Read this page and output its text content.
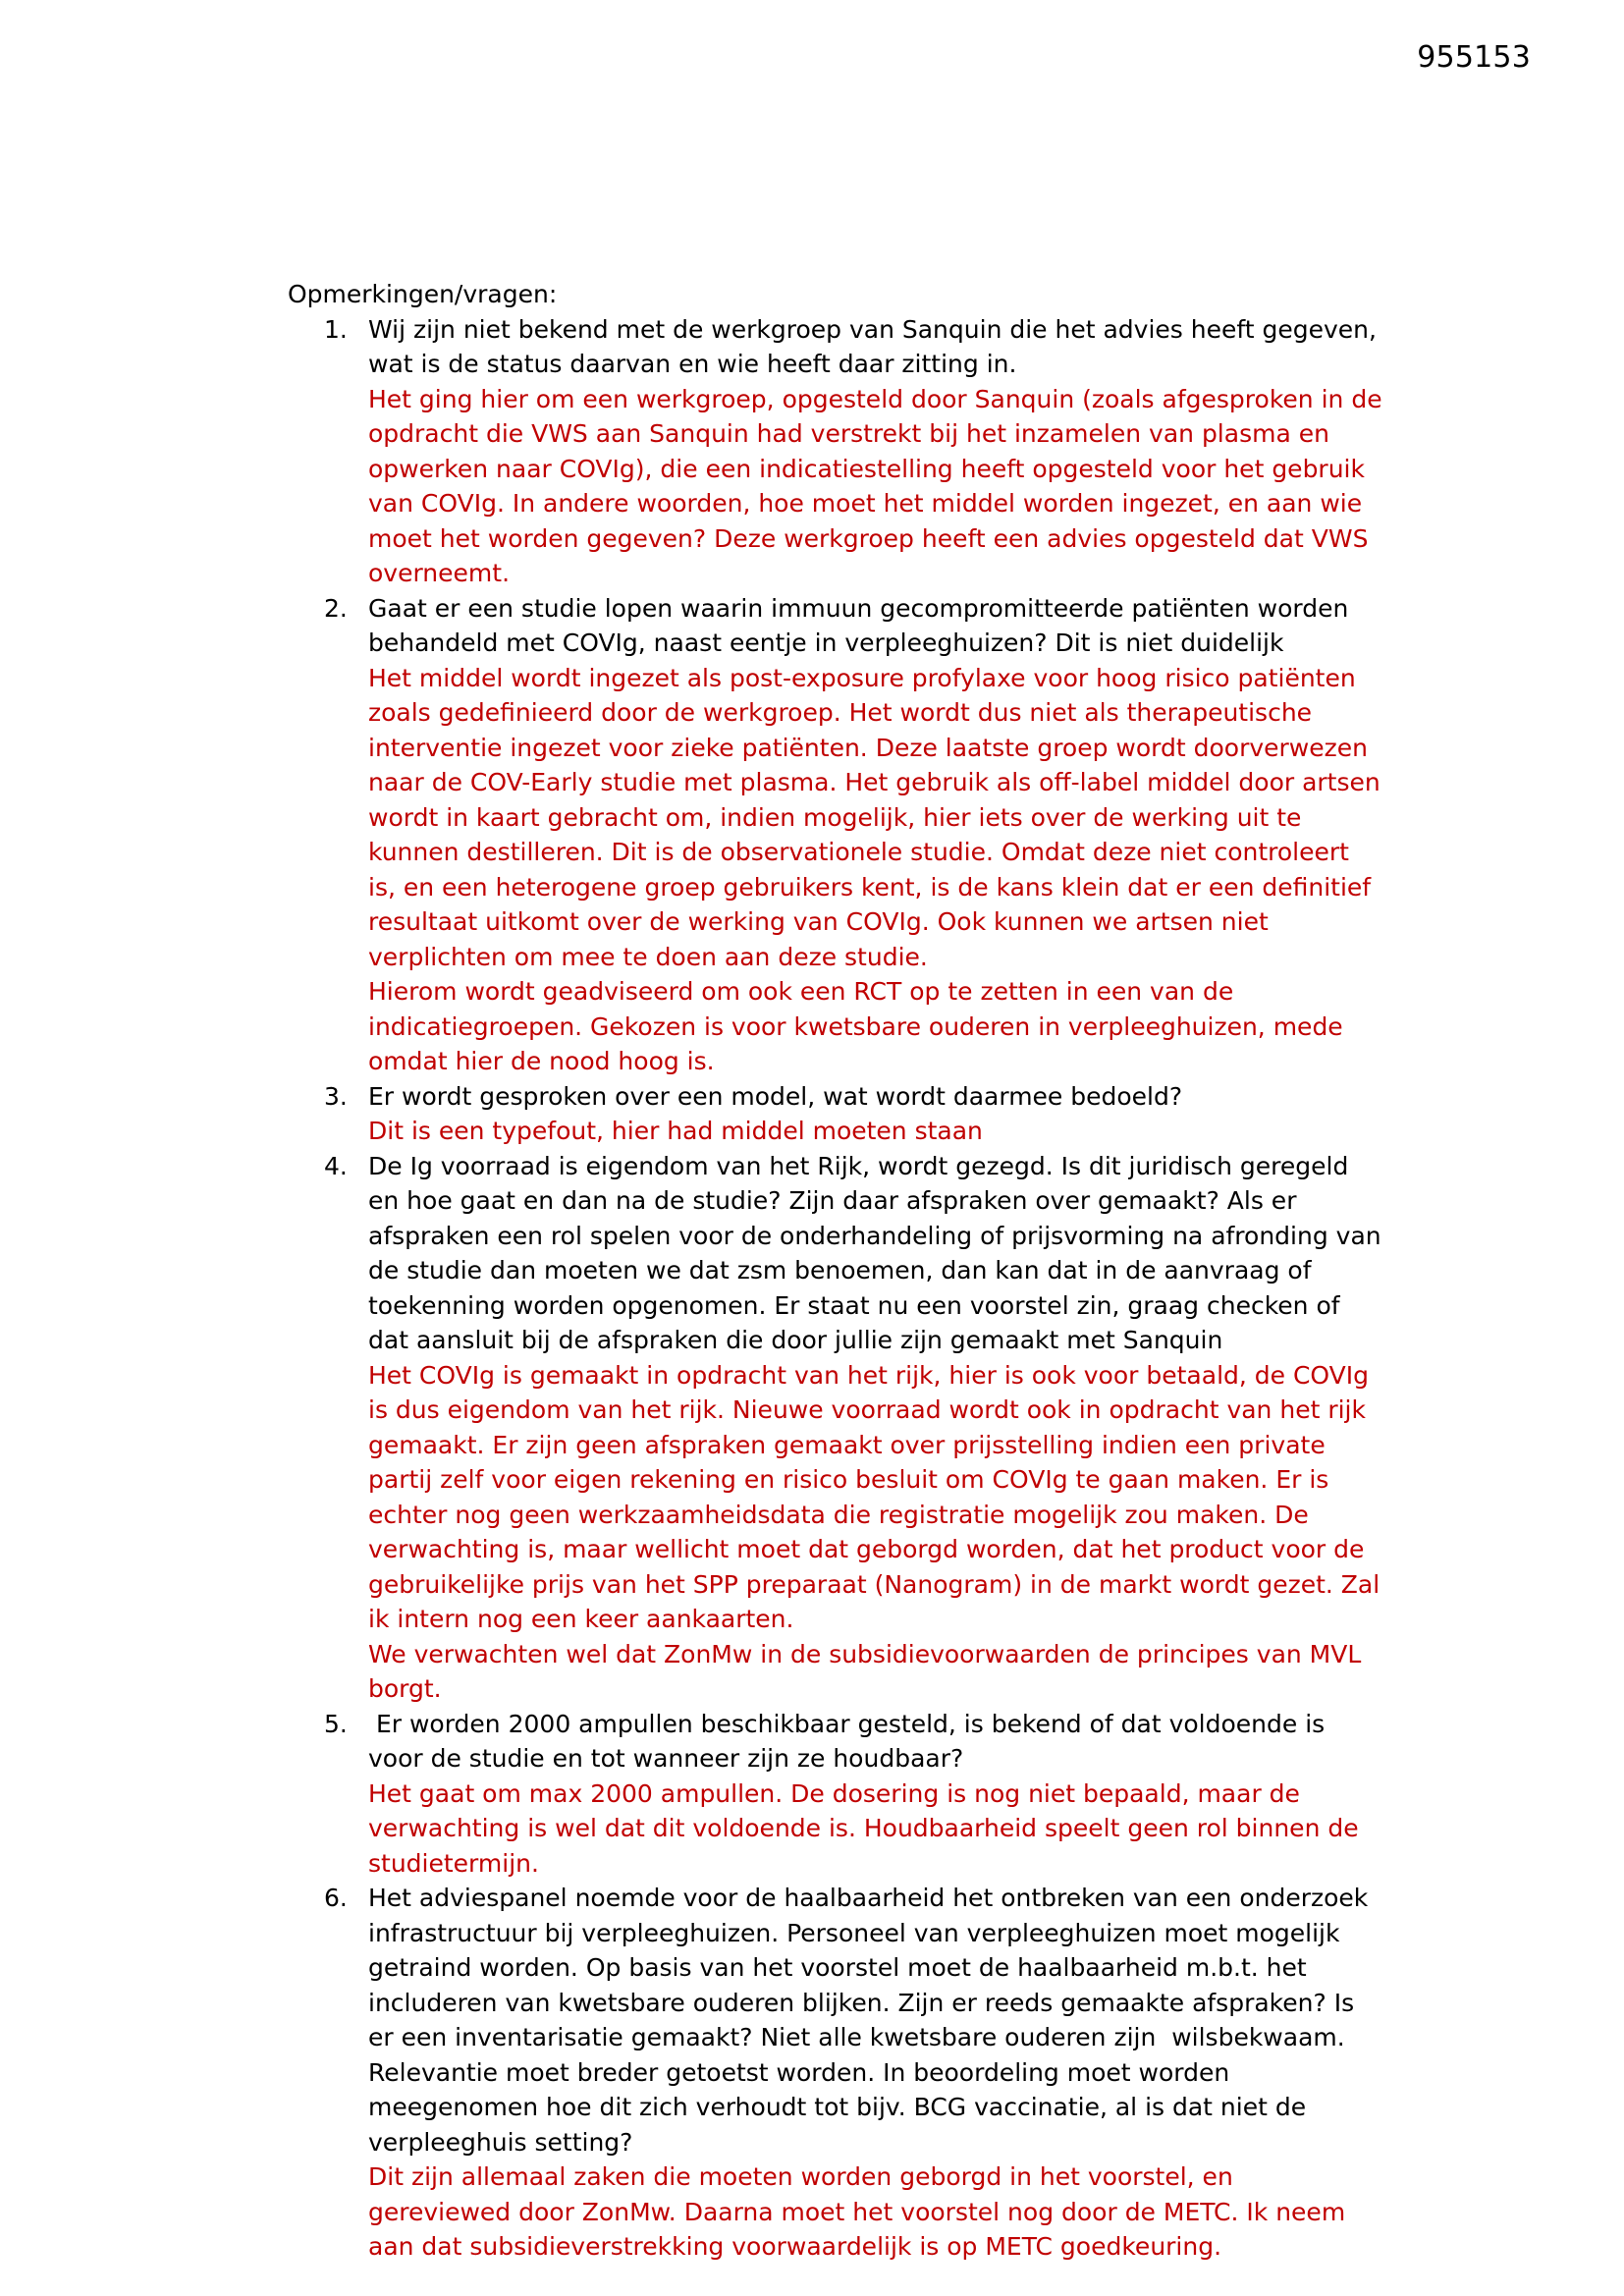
955153
Opmerkingen/vragen:
1. Wij zijn niet bekend met de werkgroep van Sanquin die het advies heeft gegeven, wat is de status daarvan en wie heeft daar zitting in.
Het ging hier om een werkgroep, opgesteld door Sanquin (zoals afgesproken in de opdracht die VWS aan Sanquin had verstrekt bij het inzamelen van plasma en opwerken naar COVIg), die een indicatiestelling heeft opgesteld voor het gebruik van COVIg. In andere woorden, hoe moet het middel worden ingezet, en aan wie moet het worden gegeven? Deze werkgroep heeft een advies opgesteld dat VWS overneemt.
2. Gaat er een studie lopen waarin immuun gecompromitteerde patiënten worden behandeld met COVIg, naast eentje in verpleeghuizen? Dit is niet duidelijk
Het middel wordt ingezet als post-exposure profylaxe voor hoog risico patiënten zoals gedefinieerd door de werkgroep. Het wordt dus niet als therapeutische interventie ingezet voor zieke patiënten. Deze laatste groep wordt doorverwezen naar de COV-Early studie met plasma. Het gebruik als off-label middel door artsen wordt in kaart gebracht om, indien mogelijk, hier iets over de werking uit te kunnen destilleren. Dit is de observationele studie. Omdat deze niet controleert is, en een heterogene groep gebruikers kent, is de kans klein dat er een definitief resultaat uitkomt over de werking van COVIg. Ook kunnen we artsen niet verplichten om mee te doen aan deze studie.
Hierom wordt geadviseerd om ook een RCT op te zetten in een van de indicatiegroepen. Gekozen is voor kwetsbare ouderen in verpleeghuizen, mede omdat hier de nood hoog is.
3. Er wordt gesproken over een model, wat wordt daarmee bedoeld?
Dit is een typefout, hier had middel moeten staan
4. De Ig voorraad is eigendom van het Rijk, wordt gezegd. Is dit juridisch geregeld en hoe gaat en dan na de studie? Zijn daar afspraken over gemaakt? Als er afspraken een rol spelen voor de onderhandeling of prijsvorming na afronding van de studie dan moeten we dat zsm benoemen, dan kan dat in de aanvraag of toekenning worden opgenomen. Er staat nu een voorstel zin, graag checken of dat aansluit bij de afspraken die door jullie zijn gemaakt met Sanquin
Het COVIg is gemaakt in opdracht van het rijk, hier is ook voor betaald, de COVIg is dus eigendom van het rijk. Nieuwe voorraad wordt ook in opdracht van het rijk gemaakt. Er zijn geen afspraken gemaakt over prijsstelling indien een private partij zelf voor eigen rekening en risico besluit om COVIg te gaan maken. Er is echter nog geen werkzaamheidsdata die registratie mogelijk zou maken. De verwachting is, maar wellicht moet dat geborgd worden, dat het product voor de gebruikelijke prijs van het SPP preparaat (Nanogram) in de markt wordt gezet. Zal ik intern nog een keer aankaarten.
We verwachten wel dat ZonMw in de subsidievoorwaarden de principes van MVL borgt.
5. Er worden 2000 ampullen beschikbaar gesteld, is bekend of dat voldoende is voor de studie en tot wanneer zijn ze houdbaar?
Het gaat om max 2000 ampullen. De dosering is nog niet bepaald, maar de verwachting is wel dat dit voldoende is. Houdbaarheid speelt geen rol binnen de studietermijn.
6. Het adviespanel noemde voor de haalbaarheid het ontbreken van een onderzoek infrastructuur bij verpleeghuizen. Personeel van verpleeghuizen moet mogelijk getraind worden. Op basis van het voorstel moet de haalbaarheid m.b.t. het includeren van kwetsbare ouderen blijken. Zijn er reeds gemaakte afspraken? Is er een inventarisatie gemaakt? Niet alle kwetsbare ouderen zijn  wilsbekwaam. Relevantie moet breder getoetst worden. In beoordeling moet worden meegenomen hoe dit zich verhoudt tot bijv. BCG vaccinatie, al is dat niet de verpleeghuis setting?
Dit zijn allemaal zaken die moeten worden geborgd in het voorstel, en gereviewed door ZonMw. Daarna moet het voorstel nog door de METC. Ik neem aan dat subsidieverstrekking voorwaardelijk is op METC goedkeuring.
